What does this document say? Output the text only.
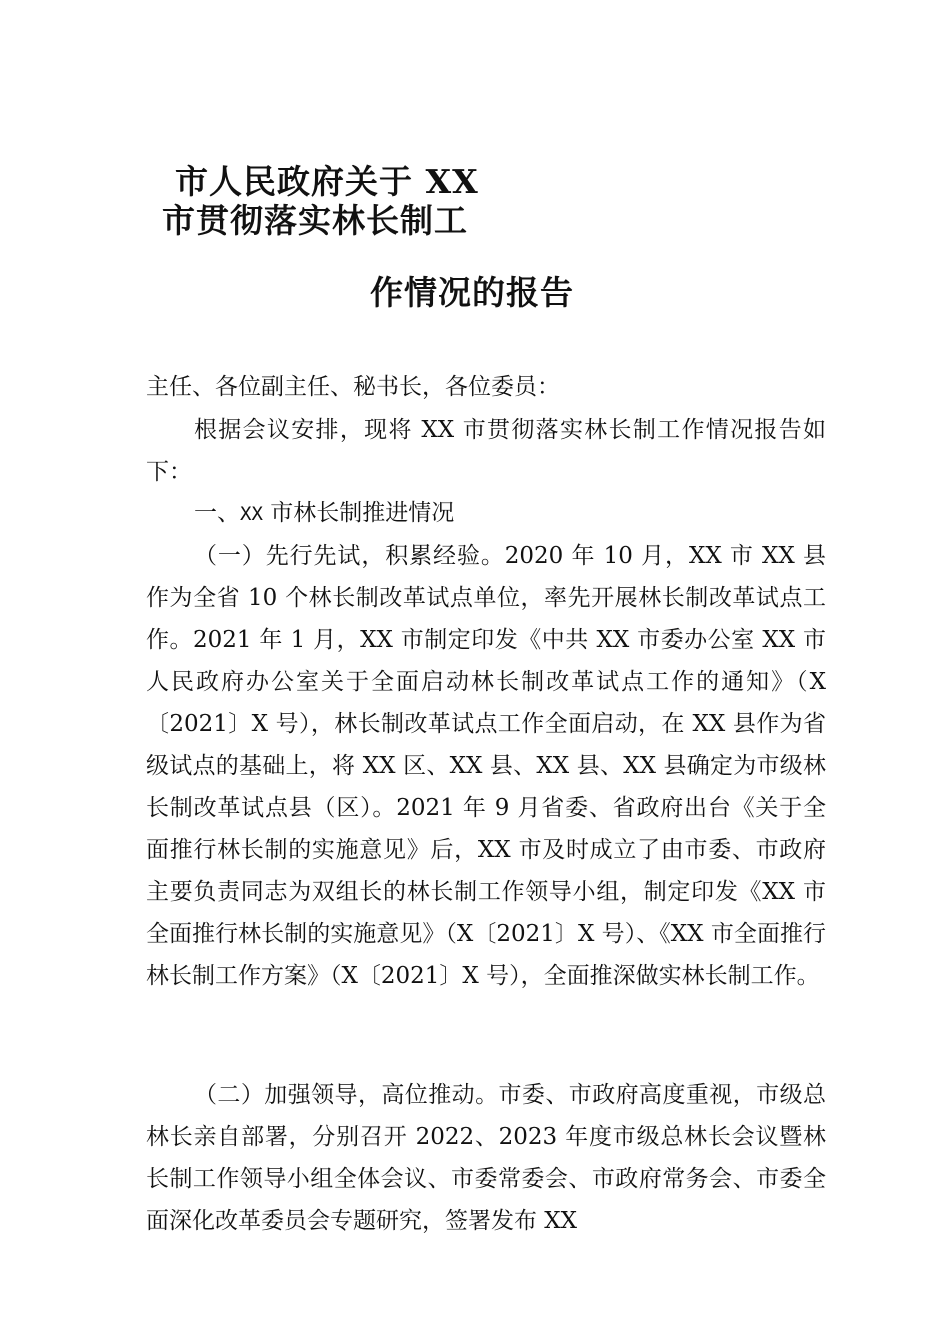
市人民政府关于 XX
市贯彻落实林长制工
作情况的报告
主任、各位副主任、秘书长，各位委员：
根据会议安排，现将 XX 市贯彻落实林长制工作情况报告如下：
一、XX 市林长制推进情况
（一）先行先试，积累经验。2020 年 10 月，XX 市 XX 县作为全省 10 个林长制改革试点单位，率先开展林长制改革试点工作。2021 年 1 月，XX 市制定印发《中共 XX 市委办公室 XX 市人民政府办公室关于全面启动林长制改革试点工作的通知》（X〔2021〕X 号），林长制改革试点工作全面启动，在 XX 县作为省级试点的基础上，将 XX 区、XX 县、XX 县、XX 县确定为市级林长制改革试点县（区）。2021 年 9 月省委、省政府出台《关于全面推行林长制的实施意见》后，XX 市及时成立了由市委、市政府主要负责同志为双组长的林长制工作领导小组，制定印发《XX 市全面推行林长制的实施意见》（X〔2021〕X 号）、《XX 市全面推行林长制工作方案》（X〔2021〕X 号），全面推深做实林长制工作。
（二）加强领导，高位推动。市委、市政府高度重视，市级总林长亲自部署，分别召开 2022、2023 年度市级总林长会议暨林长制工作领导小组全体会议、市委常委会、市政府常务会、市委全面深化改革委员会专题研究，签署发布 XX
